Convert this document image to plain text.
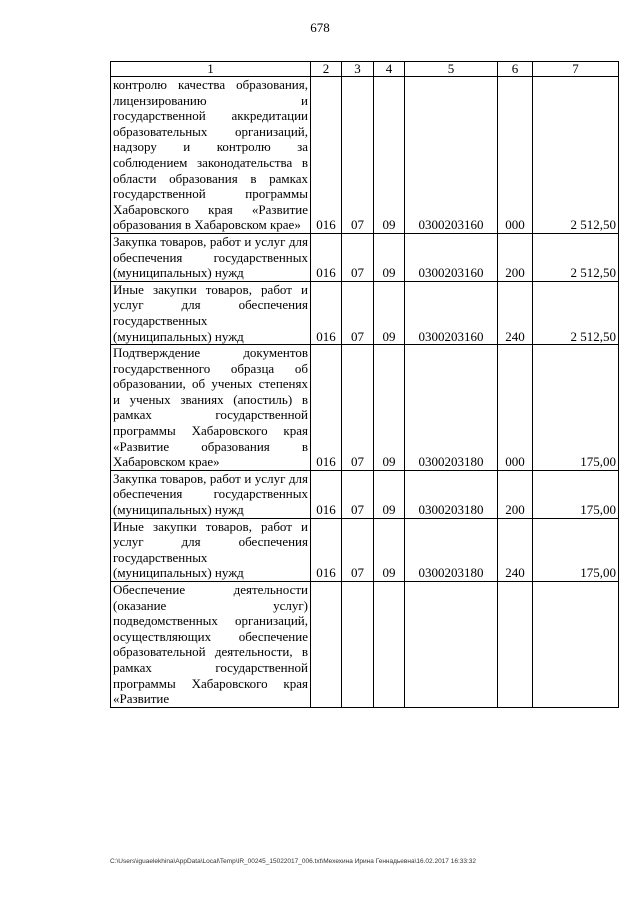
678
1	2	3	4	5	6	7
контролю качества образования, лицензированию и государственной аккредитации образовательных организаций, надзору и контролю за соблюдением законодательства в области образования в рамках государственной программы Хабаровского края «Развитие образования в Хабаровском крае»	016	07	09	0300203160	000	2 512,50
Закупка товаров, работ и услуг для обеспечения государственных (муниципальных) нужд	016	07	09	0300203160	200	2 512,50
Иные закупки товаров, работ и услуг для обеспечения государственных (муниципальных) нужд	016	07	09	0300203160	240	2 512,50
Подтверждение документов государственного образца об образовании, об ученых степенях и ученых званиях (апостиль) в рамках государственной программы Хабаровского края «Развитие образования в Хабаровском крае»	016	07	09	0300203180	000	175,00
Закупка товаров, работ и услуг для обеспечения государственных (муниципальных) нужд	016	07	09	0300203180	200	175,00
Иные закупки товаров, работ и услуг для обеспечения государственных (муниципальных) нужд	016	07	09	0300203180	240	175,00
Обеспечение деятельности (оказание услуг) подведомственных организаций, осуществляющих обеспечение образовательной деятельности, в рамках государственной программы Хабаровского края «Развитие						
C:\Users\iguaelekhina\AppData\Local\Temp\IR_00245_15022017_006.txt\Мехехина Ирина Геннадьевна\16.02.2017 16:33:32
